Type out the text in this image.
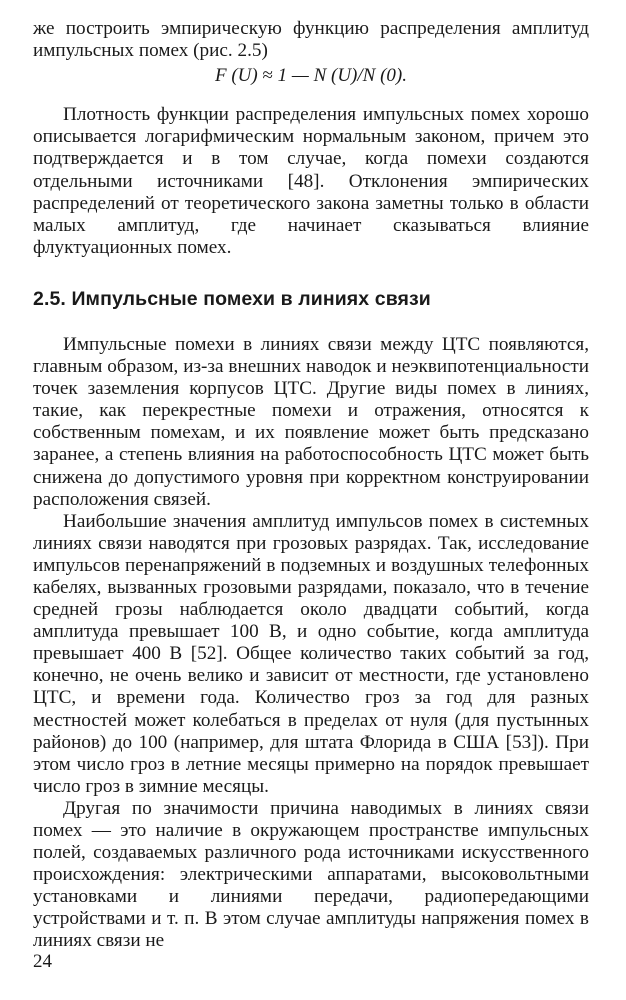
же построить эмпирическую функцию распределения амплитуд импульсных помех (рис. 2.5)

F (U) ≈ 1 — N (U)/N (0).

Плотность функции распределения импульсных помех хорошо описывается логарифмическим нормальным законом, причем это подтверждается и в том случае, когда помехи создаются отдельными источниками [48]. Отклонения эмпирических распределений от теоретического закона заметны только в области малых амплитуд, где начинает сказываться влияние флуктуационных помех.

2.5. Импульсные помехи в линиях связи

Импульсные помехи в линиях связи между ЦТС появляются, главным образом, из-за внешних наводок и неэквипотенциальности точек заземления корпусов ЦТС. Другие виды помех в линиях, такие, как перекрестные помехи и отражения, относятся к собственным помехам, и их появление может быть предсказано заранее, а степень влияния на работоспособность ЦТС может быть снижена до допустимого уровня при корректном конструировании расположения связей.

Наибольшие значения амплитуд импульсов помех в системных линиях связи наводятся при грозовых разрядах. Так, исследование импульсов перенапряжений в подземных и воздушных телефонных кабелях, вызванных грозовыми разрядами, показало, что в течение средней грозы наблюдается около двадцати событий, когда амплитуда превышает 100 В, и одно событие, когда амплитуда превышает 400 В [52]. Общее количество таких событий за год, конечно, не очень велико и зависит от местности, где установлено ЦТС, и времени года. Количество гроз за год для разных местностей может колебаться в пределах от нуля (для пустынных районов) до 100 (например, для штата Флорида в США [53]). При этом число гроз в летние месяцы примерно на порядок превышает число гроз в зимние месяцы.

Другая по значимости причина наводимых в линиях связи помех — это наличие в окружающем пространстве импульсных полей, создаваемых различного рода источниками искусственного происхождения: электрическими аппаратами, высоковольтными установками и линиями передачи, радиопередающими устройствами и т. п. В этом случае амплитуды напряжения помех в линиях связи не

24
